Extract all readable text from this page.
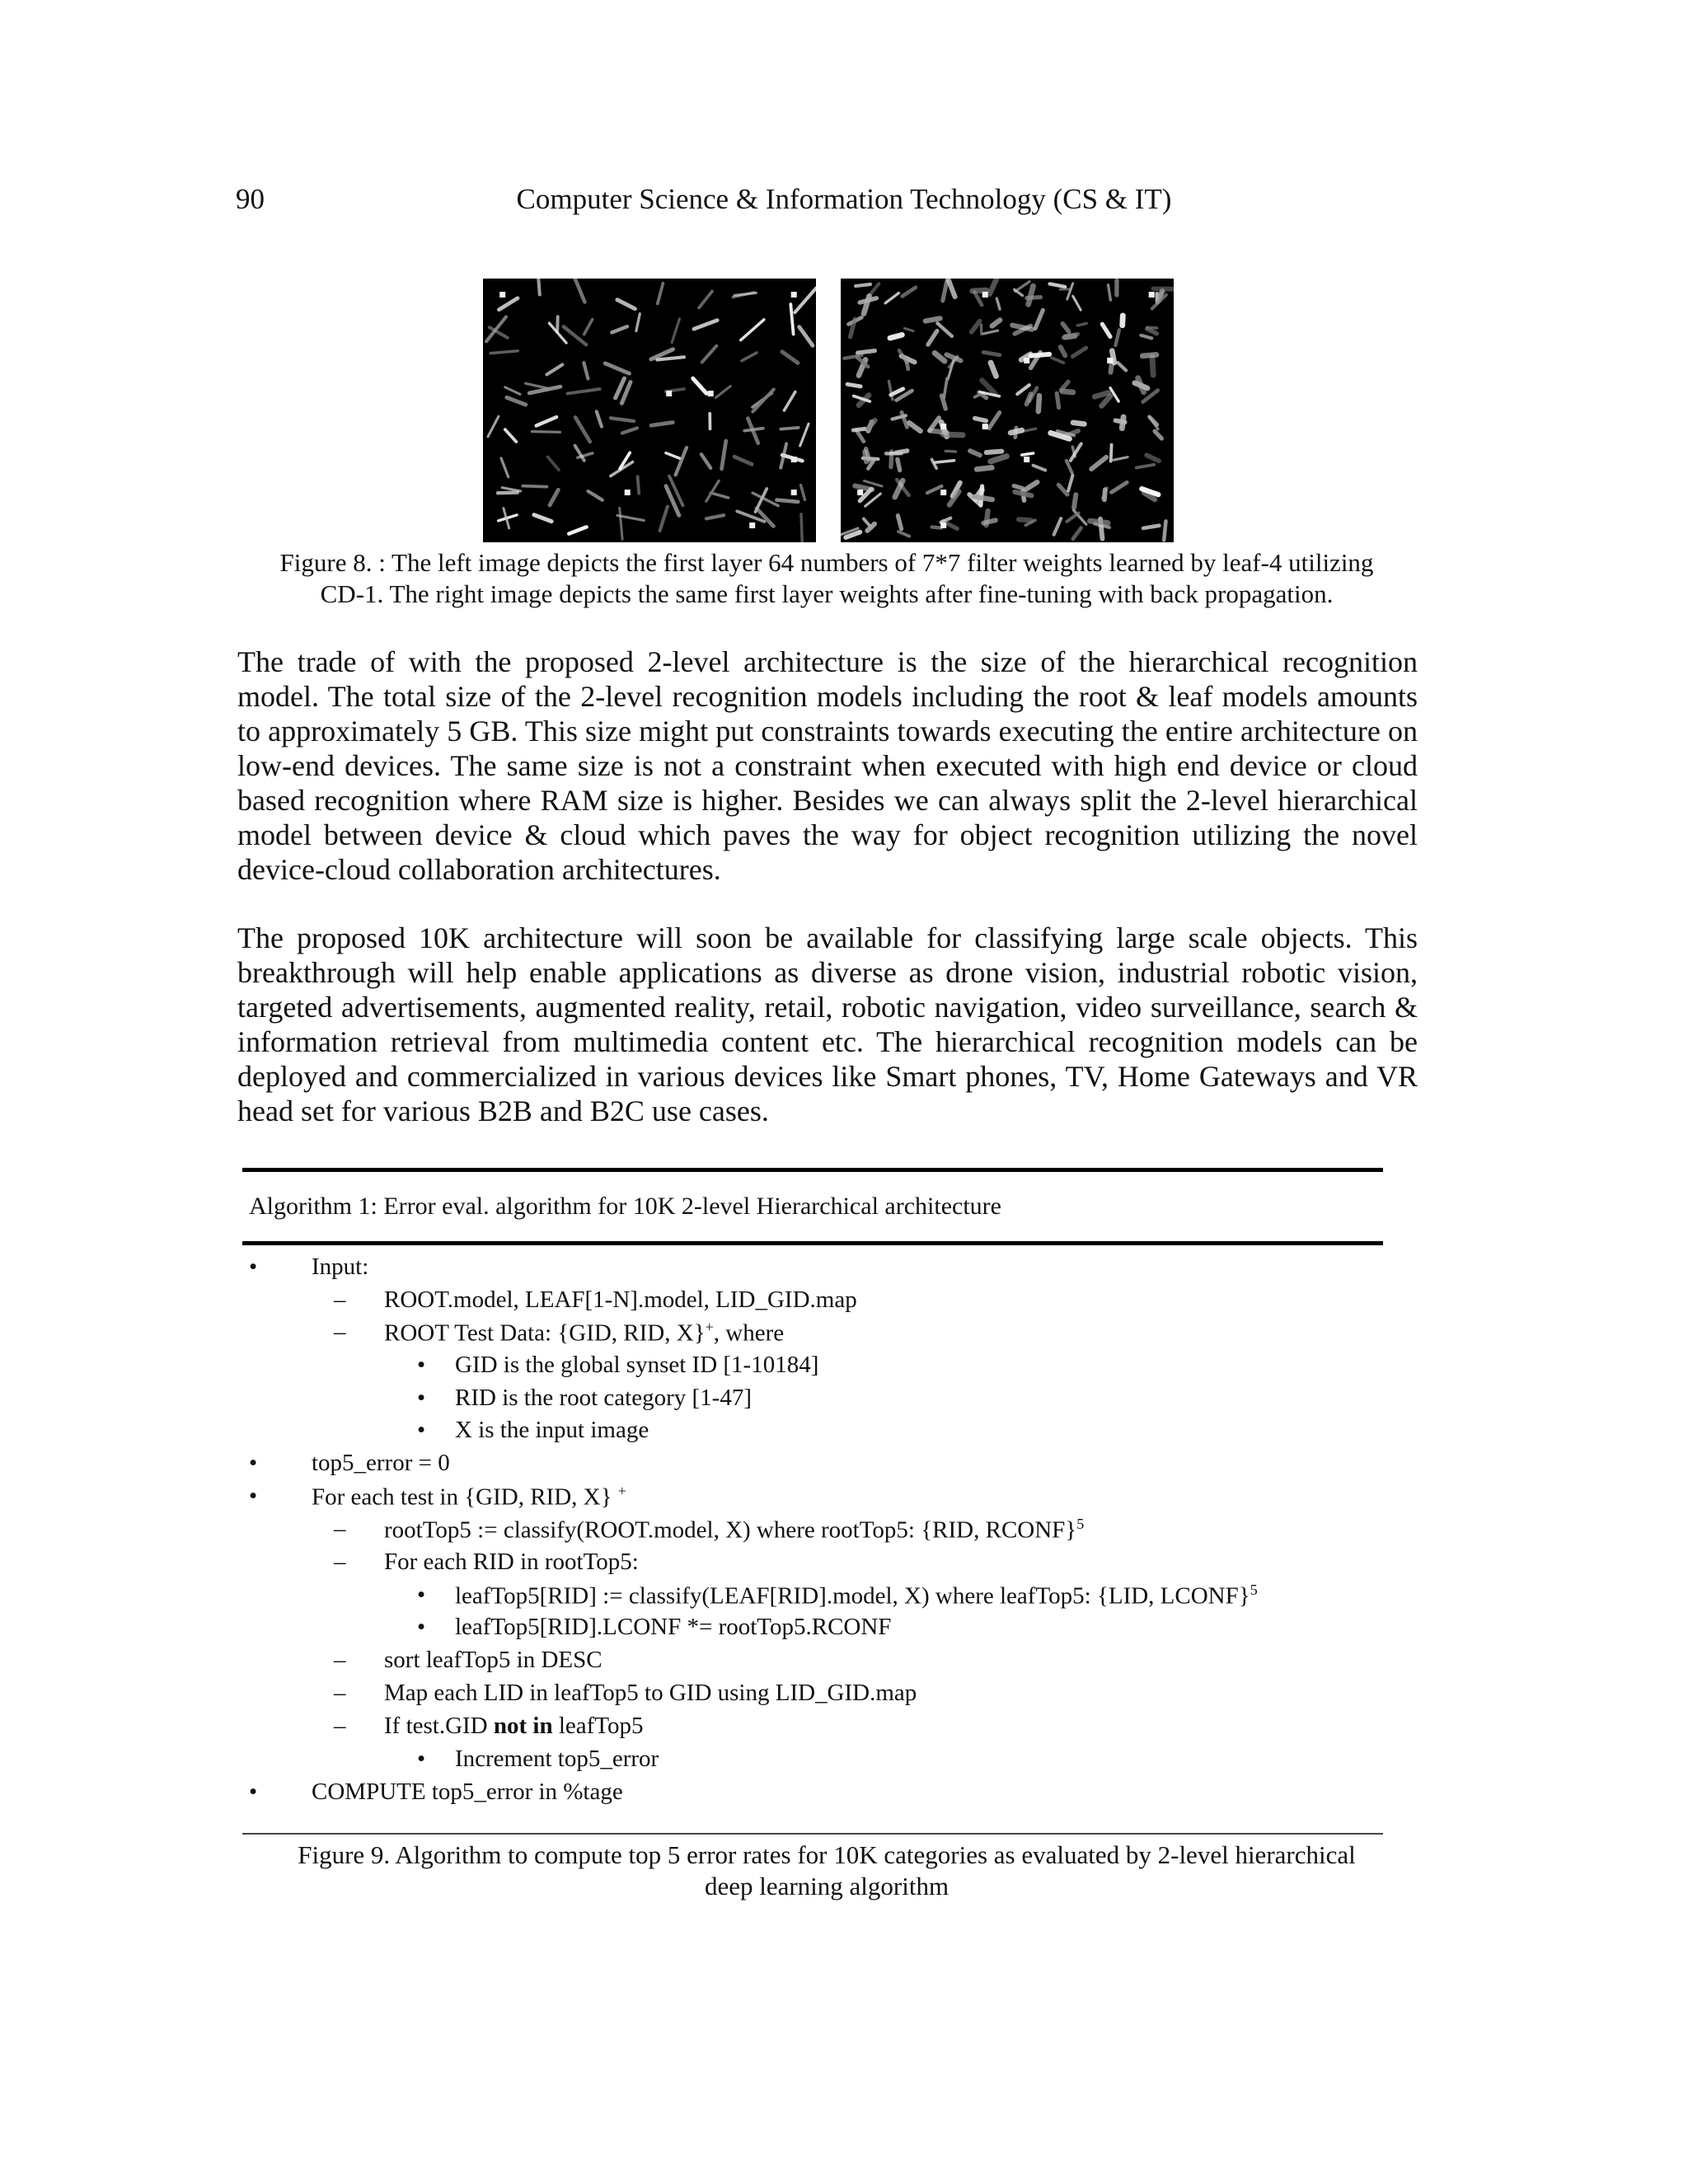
90	Computer Science & Information Technology (CS & IT)
Figure 8. : The left image depicts the first layer 64 numbers of 7*7 filter weights learned by leaf-4 utilizing
CD-1. The right image depicts the same first layer weights after fine-tuning with back propagation.

The trade of with the proposed 2-level architecture is the size of the hierarchical recognition model. The total size of the 2-level recognition models including the root & leaf models amounts to approximately 5 GB. This size might put constraints towards executing the entire architecture on low-end devices. The same size is not a constraint when executed with high end device or cloud based recognition where RAM size is higher. Besides we can always split the 2-level hierarchical model between device & cloud which paves the way for object recognition utilizing the novel device-cloud collaboration architectures.

The proposed 10K architecture will soon be available for classifying large scale objects. This breakthrough will help enable applications as diverse as drone vision, industrial robotic vision, targeted advertisements, augmented reality, retail, robotic navigation, video surveillance, search & information retrieval from multimedia content etc. The hierarchical recognition models can be deployed and commercialized in various devices like Smart phones, TV, Home Gateways and VR head set for various B2B and B2C use cases.

Algorithm 1: Error eval. algorithm for 10K 2-level Hierarchical architecture
• Input:
– ROOT.model, LEAF[1-N].model, LID_GID.map
– ROOT Test Data: {GID, RID, X}+, where
• GID is the global synset ID [1-10184]
• RID is the root category [1-47]
• X is the input image
• top5_error = 0
• For each test in {GID, RID, X} +
– rootTop5 := classify(ROOT.model, X) where rootTop5: {RID, RCONF}$^5$
– For each RID in rootTop5:
• leafTop5[RID] := classify(LEAF[RID].model, X) where leafTop5: {LID, LCONF}$^5$
• leafTop5[RID].LCONF *= rootTop5.RCONF
– sort leafTop5 in DESC
– Map each LID in leafTop5 to GID using LID_GID.map
– If test.GID not in leafTop5
• Increment top5_error
• COMPUTE top5_error in %tage
Figure 9. Algorithm to compute top 5 error rates for 10K categories as evaluated by 2-level hierarchical
deep learning algorithm
